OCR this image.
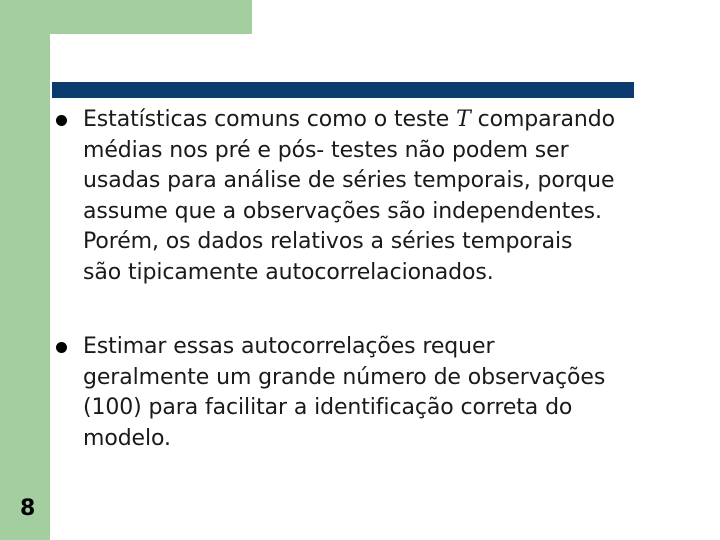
Estatísticas comuns como o teste T comparando
médias nos pré e pós- testes não podem ser
usadas para análise de séries temporais, porque
assume que a observações são independentes.
Porém, os dados relativos a séries temporais
são tipicamente autocorrelacionados.
Estimar essas autocorrelações requer
geralmente um grande número de observações
(100) para facilitar a identificação correta do
modelo.
8
